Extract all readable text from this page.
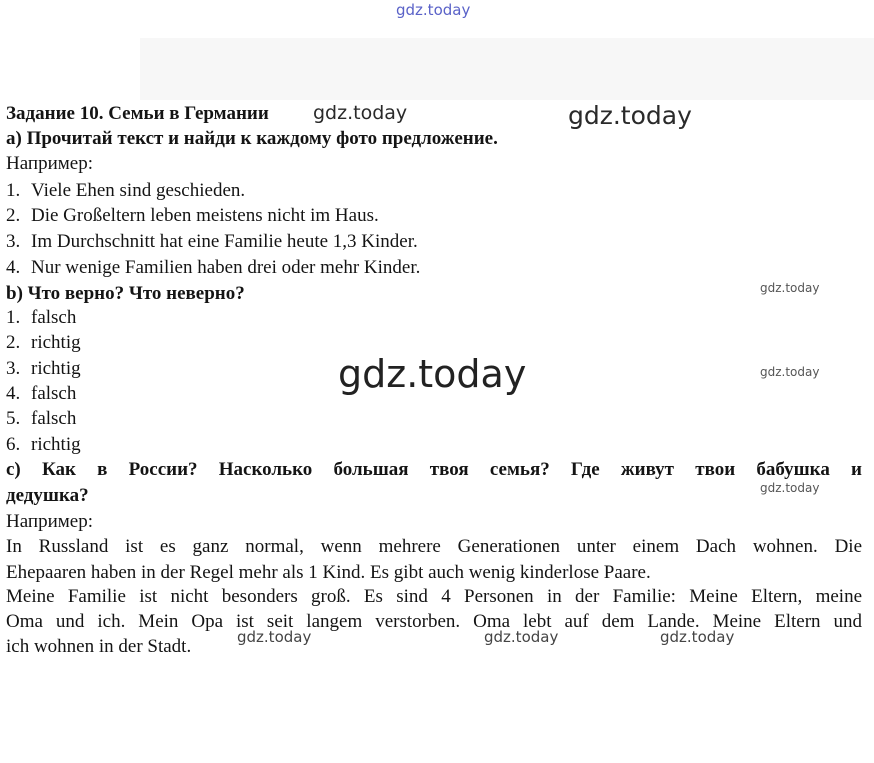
gdz.today
Задание 10. Семьи в Германии gdz.today	gdz.today
a) Прочитай текст и найди к каждому фото предложение.
Например:
1. Viele Ehen sind geschieden.
2. Die Großeltern leben meistens nicht im Haus.
3. Im Durchschnitt hat eine Familie heute 1,3 Kinder.
4. Nur wenige Familien haben drei oder mehr Kinder.
b) Что верно? Что неверно?	gdz.today
1. falsch
2. richtig
3. richtig
4. falsch
5. falsch
6. richtig
gdz.today	gdz.today
c) Как в России? Насколько большая твоя семья? Где живут твои бабушка и
дедушка?	gdz.today
Например:
In Russland ist es ganz normal, wenn mehrere Generationen unter einem Dach wohnen. Die
Ehepaaren haben in der Regel mehr als 1 Kind. Es gibt auch wenig kinderlose Paare.
Meine Familie ist nicht besonders groß. Es sind 4 Personen in der Familie: Meine Eltern, meine
Oma und ich. Mein Opa ist seit langem verstorben. Oma lebt auf dem Lande. Meine Eltern und
ich wohnen in der Stadt.	gdz.today	gdz.today	gdz.today
